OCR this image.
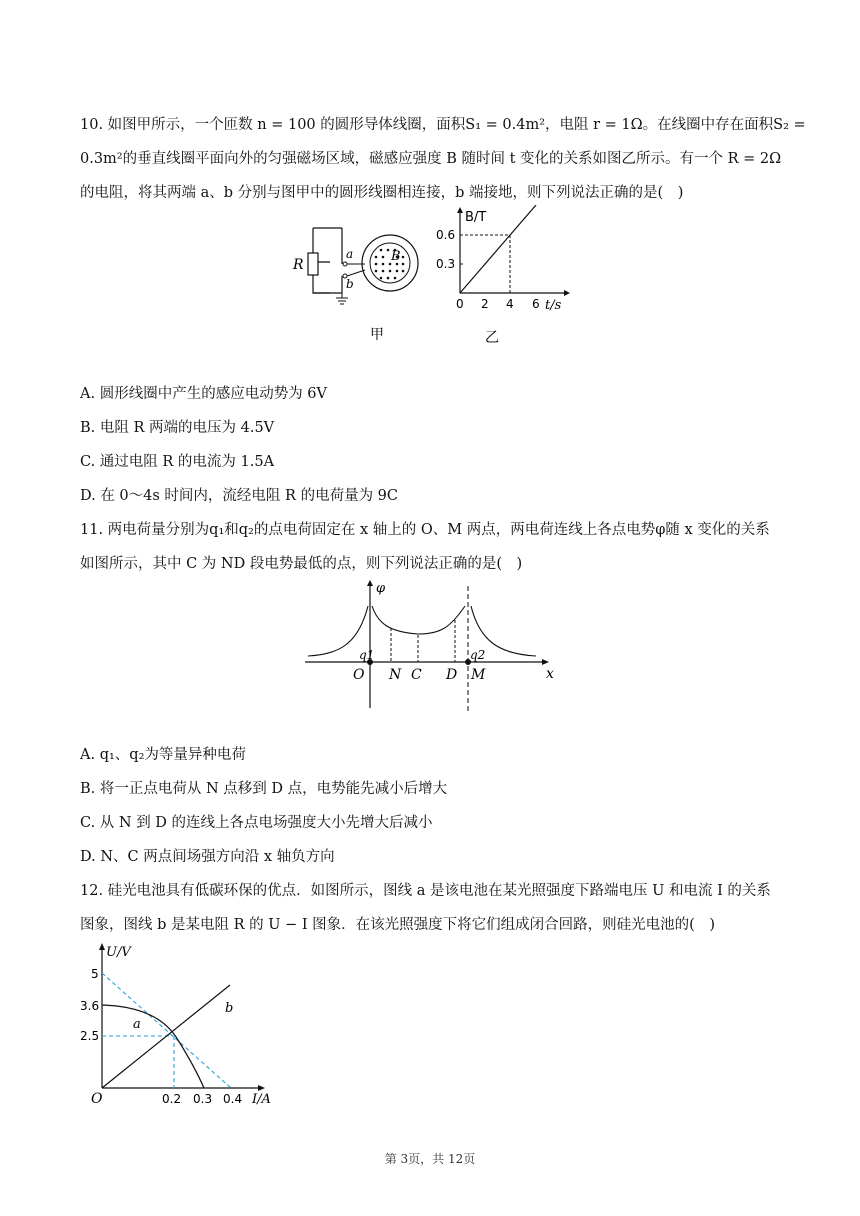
10. 如图甲所示，一个匝数 n = 100 的圆形导体线圈，面积S₁ = 0.4m²，电阻 r = 1Ω。在线圈中存在面积S₂ =
0.3m²的垂直线圈平面向外的匀强磁场区域，磁感应强度 B 随时间 t 变化的关系如图乙所示。有一个 R = 2Ω
的电阻，将其两端 a、b 分别与图甲中的圆形线圈相连接，b 端接地，则下列说法正确的是(　)
R
a
b
B
甲
B/T
0.6
0.3
0 2 4 6 t/s
乙
A. 圆形线圈中产生的感应电动势为 6V
B. 电阻 R 两端的电压为 4.5V
C. 通过电阻 R 的电流为 1.5A
D. 在 0～4s 时间内，流经电阻 R 的电荷量为 9C
11. 两电荷量分别为q₁和q₂的点电荷固定在 x 轴上的 O、M 两点，两电荷连线上各点电势φ随 x 变化的关系
如图所示，其中 C 为 ND 段电势最低的点，则下列说法正确的是(　)
φ
q1	q2
O N C D M	x
A. q₁、q₂为等量异种电荷
B. 将一正点电荷从 N 点移到 D 点，电势能先减小后增大
C. 从 N 到 D 的连线上各点电场强度大小先增大后减小
D. N、C 两点间场强方向沿 x 轴负方向
12. 硅光电池具有低碳环保的优点．如图所示，图线 a 是该电池在某光照强度下路端电压 U 和电流 I 的关系
图象，图线 b 是某电阻 R 的 U − I 图象．在该光照强度下将它们组成闭合回路，则硅光电池的(　)
U/V
5
3.6
2.5
0.2 0.3 0.4 I/A
O
a
b
第 3页，共 12页
